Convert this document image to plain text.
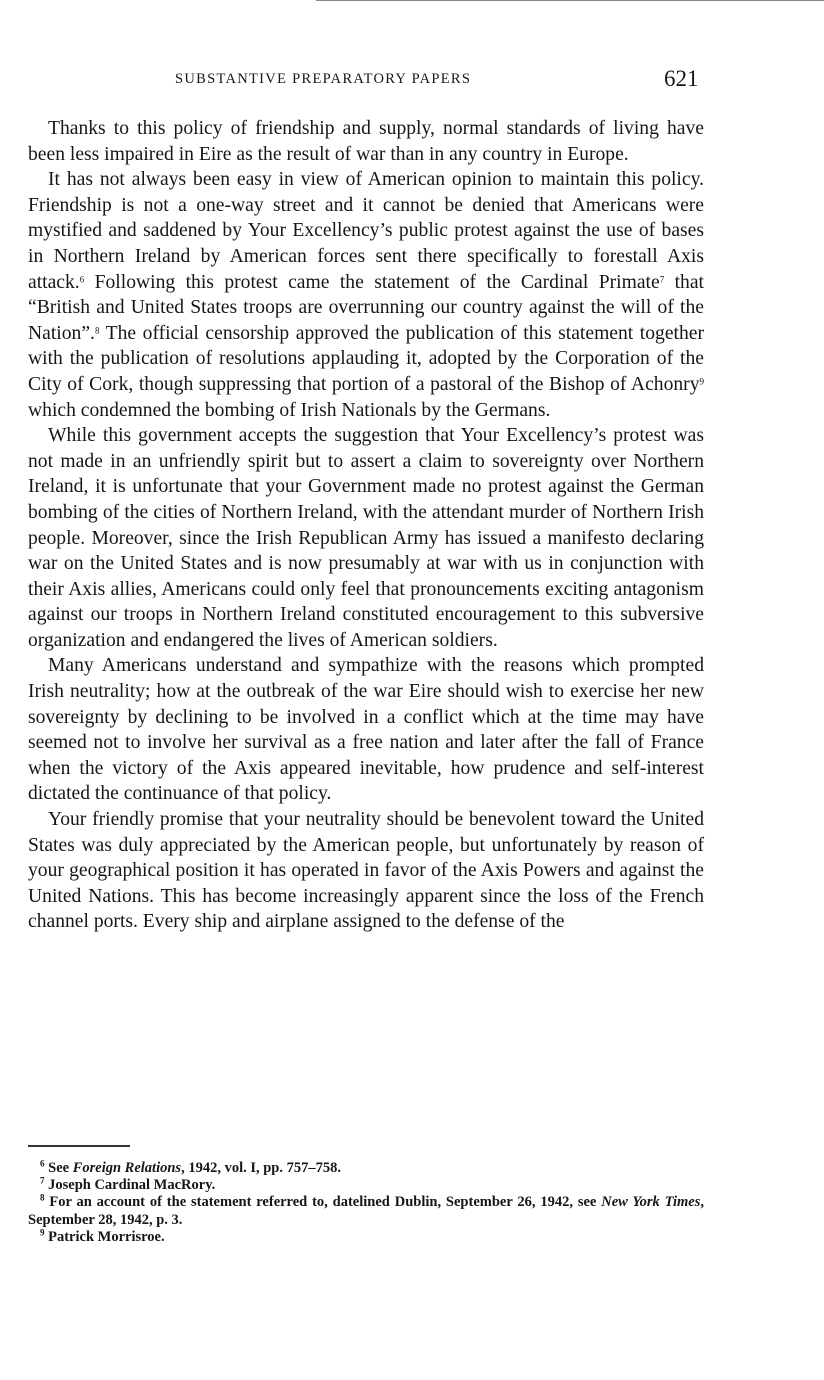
SUBSTANTIVE PREPARATORY PAPERS	621

Thanks to this policy of friendship and supply, normal standards of living have been less impaired in Eire as the result of war than in any country in Europe.

It has not always been easy in view of American opinion to maintain this policy. Friendship is not a one-way street and it cannot be denied that Americans were mystified and saddened by Your Excellency’s public protest against the use of bases in Northern Ireland by American forces sent there specifically to forestall Axis attack.$^6$ Following this protest came the statement of the Cardinal Primate$^7$ that “British and United States troops are overrunning our country against the will of the Nation”.$^8$ The official censorship approved the publication of this statement together with the publication of resolutions applauding it, adopted by the Corporation of the City of Cork, though suppressing that portion of a pastoral of the Bishop of Achonry$^9$ which condemned the bombing of Irish Nationals by the Germans.

While this government accepts the suggestion that Your Excellency’s protest was not made in an unfriendly spirit but to assert a claim to sovereignty over Northern Ireland, it is unfortunate that your Government made no protest against the German bombing of the cities of Northern Ireland, with the attendant murder of Northern Irish people. Moreover, since the Irish Republican Army has issued a manifesto declaring war on the United States and is now presumably at war with us in conjunction with their Axis allies, Americans could only feel that pronouncements exciting antagonism against our troops in Northern Ireland constituted encouragement to this subversive organization and endangered the lives of American soldiers.

Many Americans understand and sympathize with the reasons which prompted Irish neutrality; how at the outbreak of the war Eire should wish to exercise her new sovereignty by declining to be involved in a conflict which at the time may have seemed not to involve her survival as a free nation and later after the fall of France when the victory of the Axis appeared inevitable, how prudence and self-interest dictated the continuance of that policy.

Your friendly promise that your neutrality should be benevolent toward the United States was duly appreciated by the American people, but unfortunately by reason of your geographical position it has operated in favor of the Axis Powers and against the United Nations. This has become increasingly apparent since the loss of the French channel ports. Every ship and airplane assigned to the defense of the

$^6$ See Foreign Relations, 1942, vol. I, pp. 757–758.

$^7$ Joseph Cardinal MacRory.

$^8$ For an account of the statement referred to, datelined Dublin, September 26, 1942, see New York Times, September 28, 1942, p. 3.

$^9$ Patrick Morrisroe.
